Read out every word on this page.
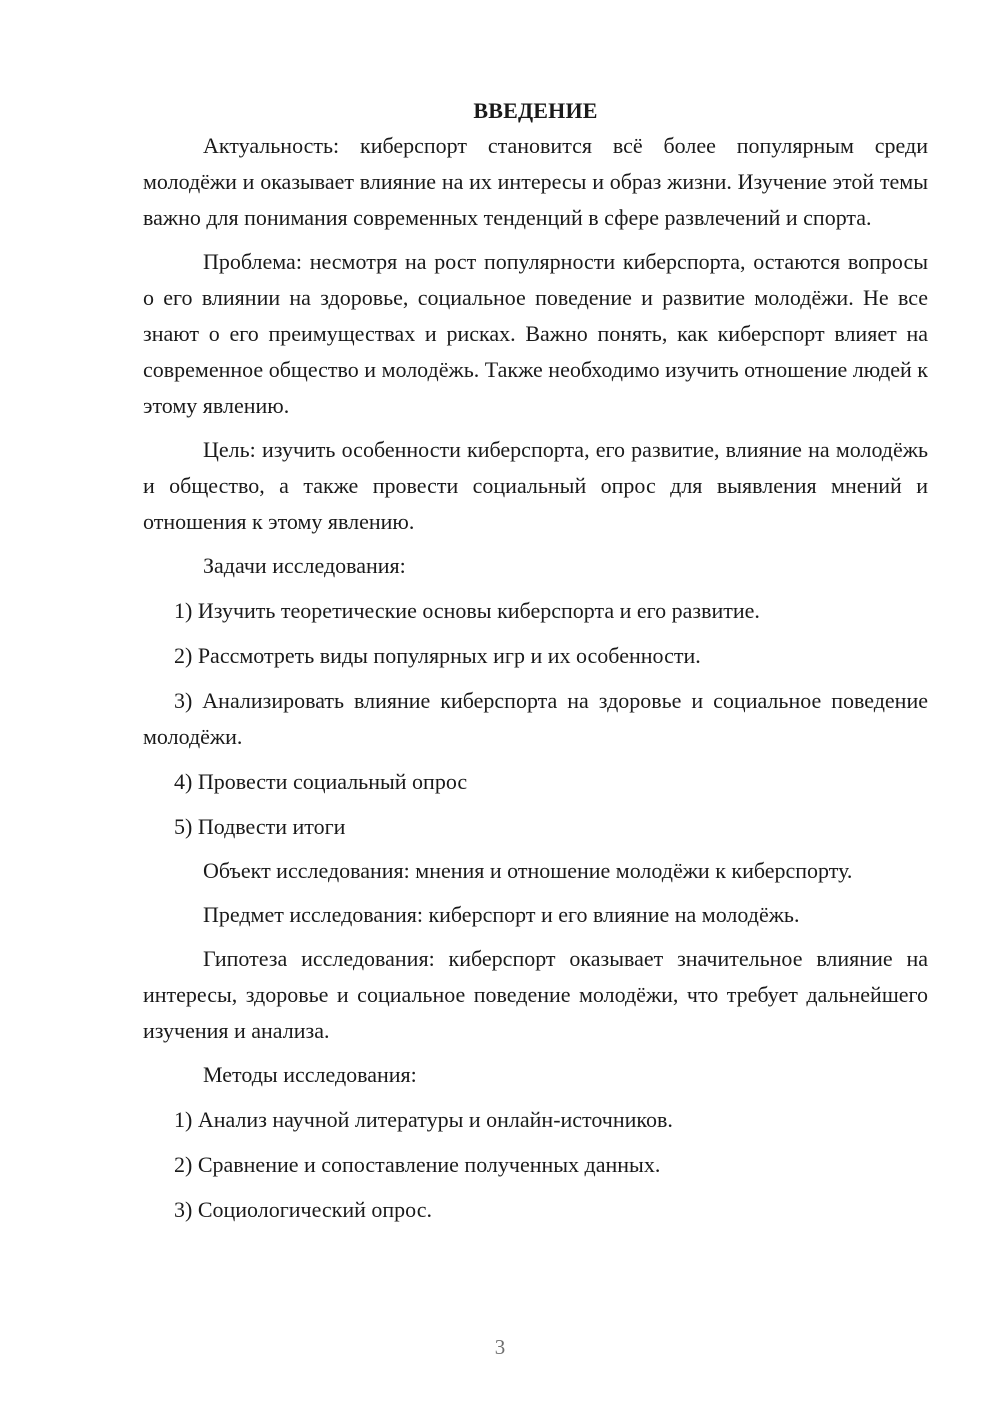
ВВЕДЕНИЕ

Актуальность: киберспорт становится всё более популярным среди молодёжи и оказывает влияние на их интересы и образ жизни. Изучение этой темы важно для понимания современных тенденций в сфере развлечений и спорта.

Проблема: несмотря на рост популярности киберспорта, остаются вопросы о его влиянии на здоровье, социальное поведение и развитие молодёжи. Не все знают о его преимуществах и рисках. Важно понять, как киберспорт влияет на современное общество и молодёжь. Также необходимо изучить отношение людей к этому явлению.

Цель: изучить особенности киберспорта, его развитие, влияние на молодёжь и общество, а также провести социальный опрос для выявления мнений и отношения к этому явлению.

Задачи исследования:

1) Изучить теоретические основы киберспорта и его развитие.

2) Рассмотреть виды популярных игр и их особенности.

3) Анализировать влияние киберспорта на здоровье и социальное поведение молодёжи.

4) Провести социальный опрос

5) Подвести итоги

Объект исследования: мнения и отношение молодёжи к киберспорту.

Предмет исследования: киберспорт и его влияние на молодёжь.

Гипотеза исследования: киберспорт оказывает значительное влияние на интересы, здоровье и социальное поведение молодёжи, что требует дальнейшего изучения и анализа.

Методы исследования:

1) Анализ научной литературы и онлайн-источников.

2) Сравнение и сопоставление полученных данных.

3) Социологический опрос.

3
